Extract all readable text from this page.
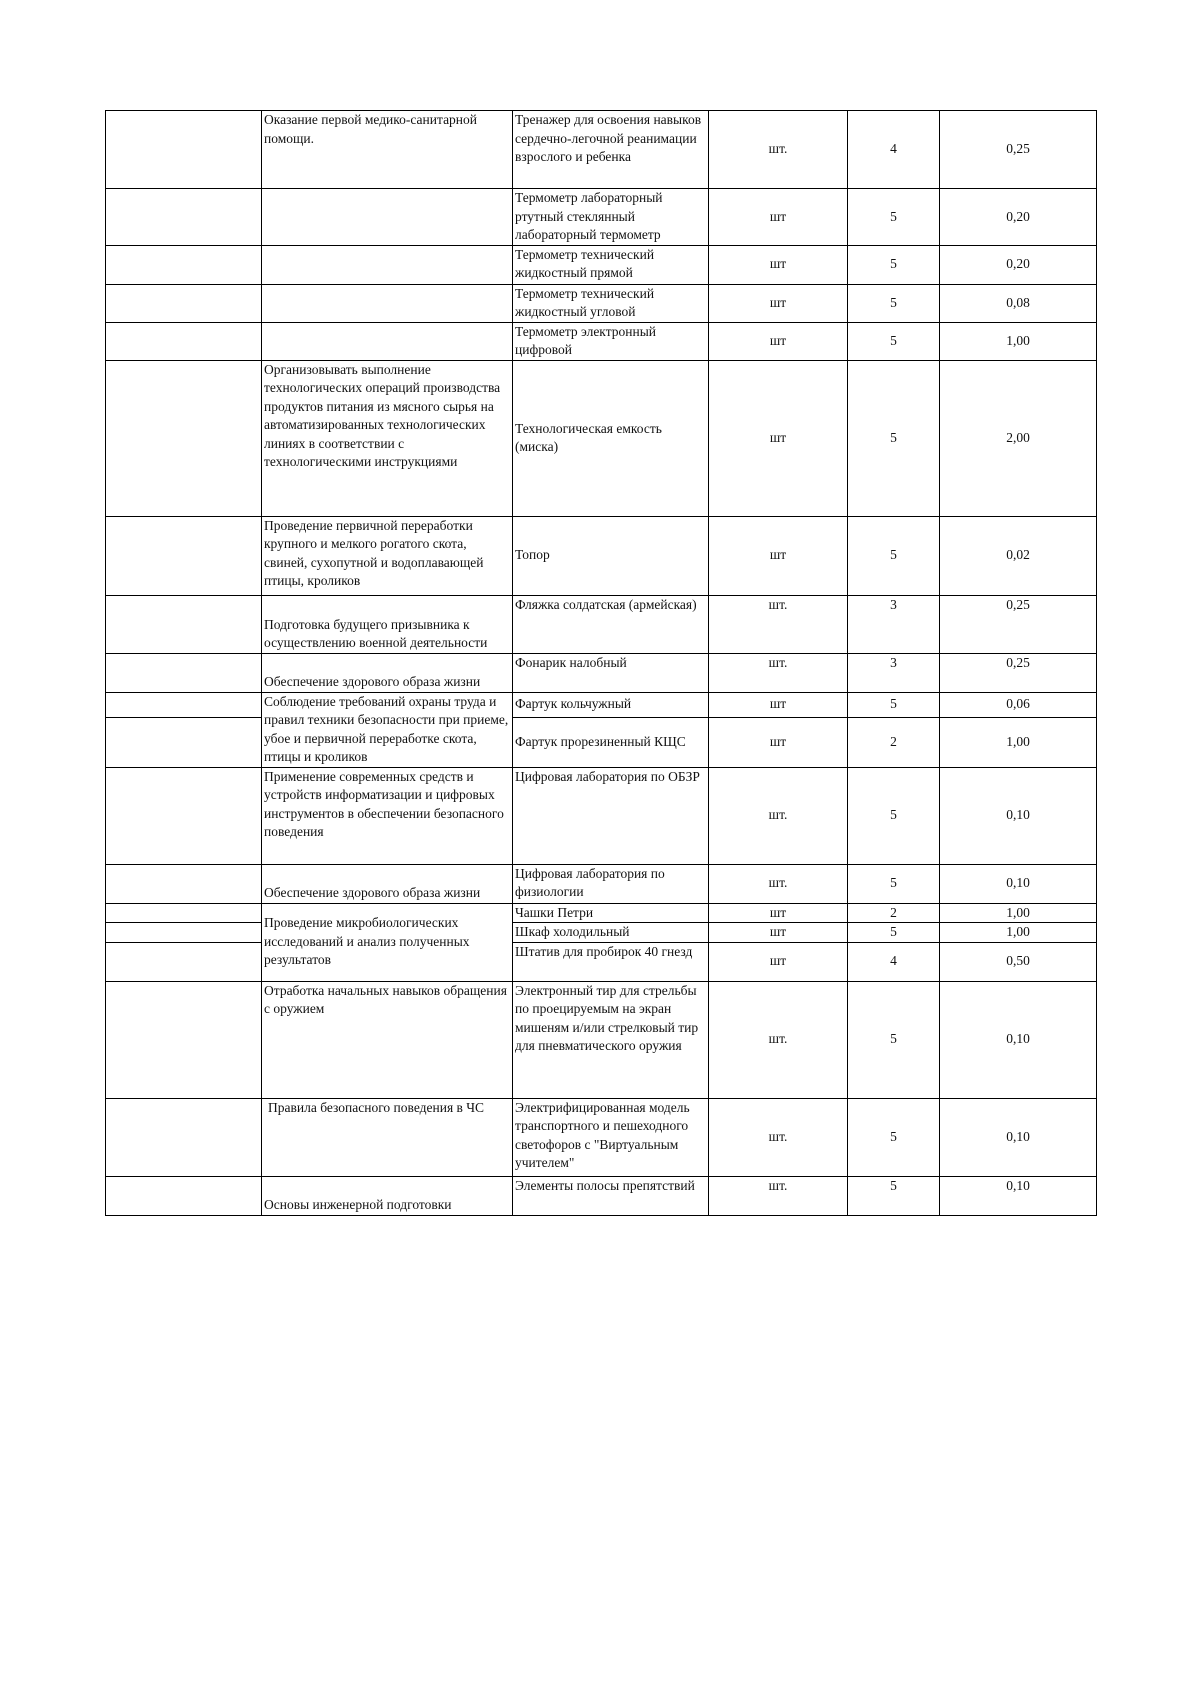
	Оказание первой медико-санитарной помощи.	Тренажер для освоения навыков сердечно-легочной реанимации взрослого и ребенка	шт.	4	0,25
		Термометр лабораторный ртутный стеклянный лабораторный термометр	шт	5	0,20
		Термометр технический жидкостный прямой	шт	5	0,20
		Термометр технический жидкостный угловой	шт	5	0,08
		Термометр электронный цифровой	шт	5	1,00
	Организовывать выполнение технологических операций производства продуктов питания из мясного сырья на автоматизированных технологических линиях в соответствии с технологическими инструкциями	Технологическая емкость (миска)	шт	5	2,00
	Проведение первичной переработки крупного и мелкого рогатого скота, свиней, сухопутной и водоплавающей птицы, кроликов	Топор	шт	5	0,02
	Подготовка будущего призывника к осуществлению военной деятельности	Фляжка солдатская (армейская)	шт.	3	0,25
	Обеспечение здорового образа жизни	Фонарик налобный	шт.	3	0,25
	Соблюдение требований охраны труда и правил техники безопасности при приеме, убое и первичной переработке скота, птицы и кроликов	Фартук кольчужный	шт	5	0,06
		Фартук прорезиненный КЩС	шт	2	1,00
	Применение современных средств и устройств информатизации и цифровых инструментов в обеспечении безопасного поведения	Цифровая лаборатория по ОБЗР	шт.	5	0,10
	Обеспечение здорового образа жизни	Цифровая лаборатория по физиологии	шт.	5	0,10
	Проведение микробиологических исследований и анализ полученных результатов	Чашки Петри	шт	2	1,00
		Шкаф холодильный	шт	5	1,00
		Штатив для пробирок 40 гнезд	шт	4	0,50
	Отработка начальных навыков обращения с оружием	Электронный тир для стрельбы по проецируемым на экран мишеням и/или стрелковый тир для пневматического оружия	шт.	5	0,10
	Правила безопасного поведения в ЧС	Электрифицированная модель транспортного и пешеходного светофоров с "Виртуальным учителем"	шт.	5	0,10
	Основы инженерной подготовки	Элементы полосы препятствий	шт.	5	0,10
